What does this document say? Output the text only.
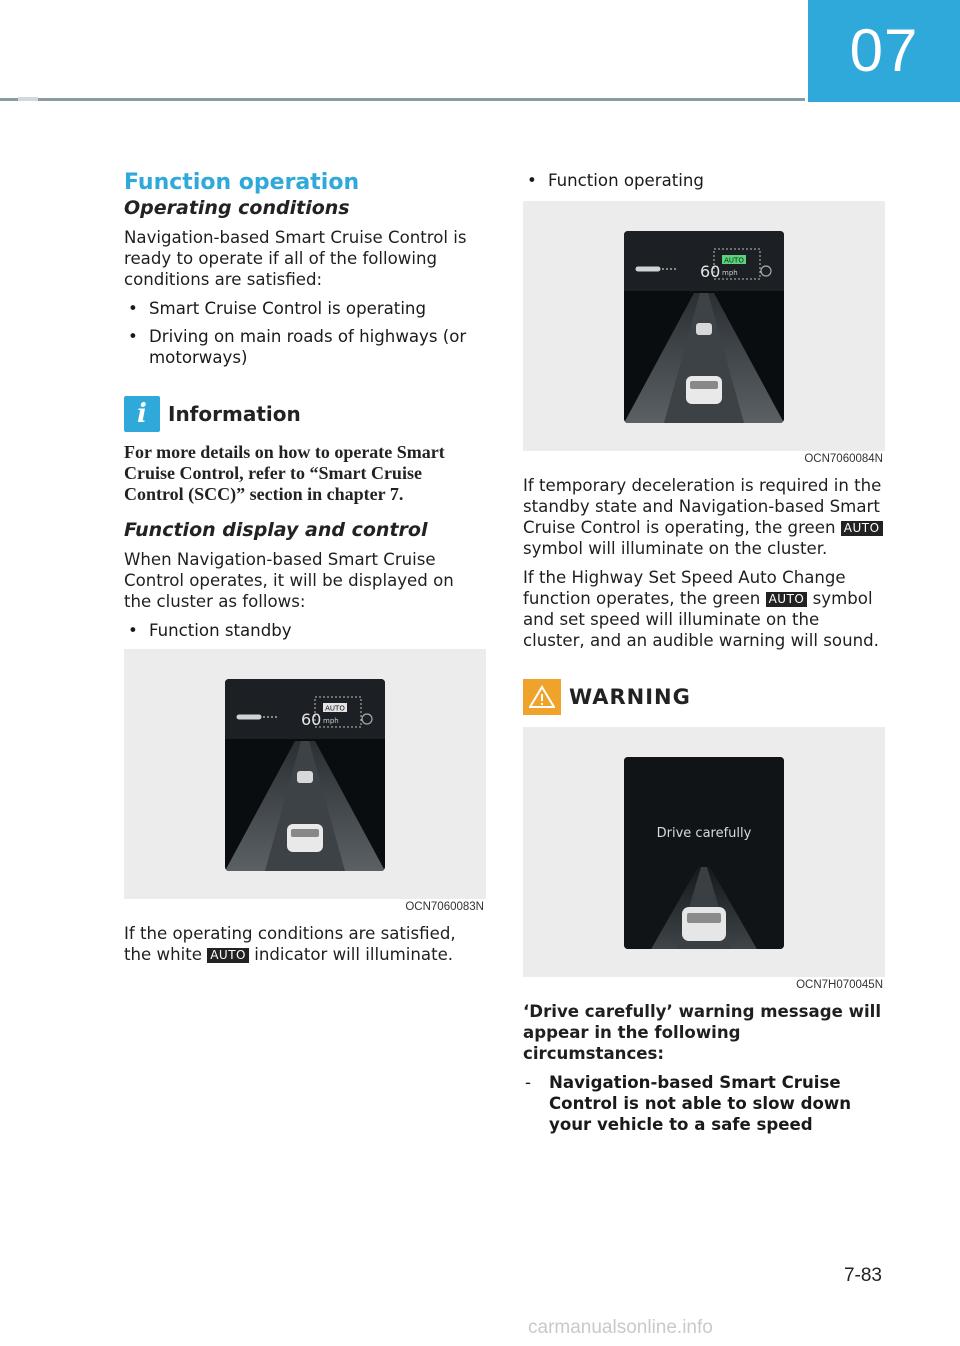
07
Function operation
Operating conditions

Navigation-based Smart Cruise Control is ready to operate if all of the following conditions are satisfied:

• Smart Cruise Control is operating
• Driving on main roads of highways (or motorways)
i	Information

For more details on how to operate Smart Cruise Control, refer to “Smart Cruise Control (SCC)” section in chapter 7.

Function display and control

When Navigation-based Smart Cruise Control operates, it will be displayed on the cluster as follows:

• Function standby
60
AUTO
mph
OCN7060083N

If the operating conditions are satisfied, the white AUTO indicator will illuminate.

• Function operating
60
AUTO
mph
OCN7060084N

If temporary deceleration is required in the standby state and Navigation-based Smart Cruise Control is operating, the green AUTO symbol will illuminate on the cluster.

If the Highway Set Speed Auto Change function operates, the green AUTO symbol and set speed will illuminate on the cluster, and an audible warning will sound.

WARNING
Drive carefully
OCN7H070045N

‘Drive carefully’ warning message will appear in the following circumstances:

- Navigation-based Smart Cruise Control is not able to slow down your vehicle to a safe speed
7-83
carmanualsonline.info
